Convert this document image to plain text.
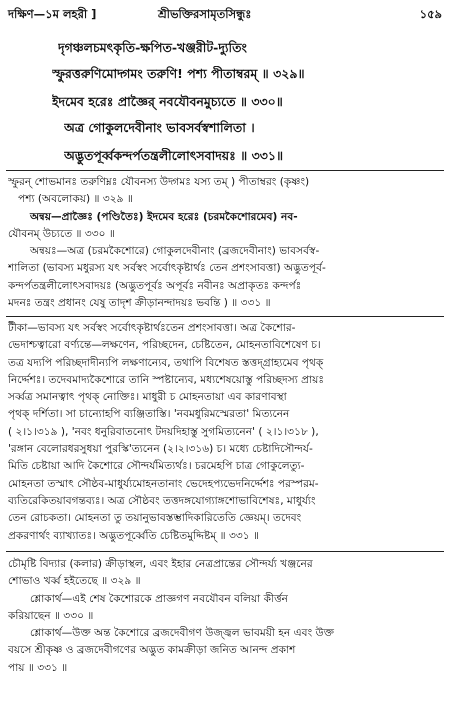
দক্ষিণ—১ম লহরী ]	শ্রীভক্তিরসামৃতসিন্ধুঃ	১৫৯
দৃগঞ্চলচমৎকৃতি-ক্ষপিত-খঞ্জরীট-দ্যুতিং
স্ফুরত্তরুণিমোদ্গমং তরুণি! পশ্য পীতাম্বরম্ ॥ ৩২৯॥
ইদমেব হরেঃ প্রাজ্ঞৈর্ নবযৌবনমুচ্যতে ॥ ৩৩০॥
অত্র গোকুলদেবীনাং ভাবসর্বস্বশালিতা ।
অদ্ভুতপূর্ব্বকন্দর্পতন্ত্রলীলোৎসবাদয়ঃ ॥ ৩৩১॥
স্ফুরন্ শোভমানঃ তরুণিম্নঃ যৌবনস্য উদ্গমঃ যস্য তম্ ) পীতাম্বরং (কৃষ্ণং)
পশ্য (অবলোকয়) ॥ ৩২৯ ॥
অন্বয়—প্রাজ্ঞৈঃ (পণ্ডিতৈঃ) ইদমেব হরেঃ (চরমকৈশোরমেব) নব-
যৌবনম্ উচ্যতে ॥ ৩৩০ ॥
অন্বয়ঃ—অত্র (চরমকৈশোরে) গোকুলদেবীনাং (ব্রজদেবীনাং) ভাবসর্বস্ব-
শালিতা (ভাবস্য মধুরস্য যৎ সর্বস্বং সর্বোৎকৃষ্টার্থঃ তেন প্রশংসাবত্তা) অদ্ভুতপূর্ব-
কন্দর্পতন্ত্রলীলোৎসবাদয়ঃ (অদ্ভুতপূর্বঃ অপূর্বঃ নবীনঃ অপ্রাকৃতঃ কন্দর্পঃ
মদনঃ তন্ত্রং প্রধানং যেষু তাদৃশ ক্রীড়ানন্দাদয়ঃ ভবন্তি ) ॥ ৩৩১ ॥
টীকা—ভাবস্য যৎ সর্বস্বং সর্বোৎকৃষ্টার্থঃতেন প্রশংসাবত্তা। অত্র কৈশোর-
ভেদাশ্চত্বারো বর্ণ্যন্তে—লক্ষণেন, পরিচ্ছদেন, চেষ্টিতেন, মোহনতাবিশেষেণ চ।
তত্র যদ্যপি পরিচ্ছদাদীন্যপি লক্ষণান্যেব, তথাপি বিশেষত স্তত্তদ্গ্রাহ্যমেব পৃথক্
নির্দ্দেশঃ। তদেবমাদ্যকৈশোরে তানি স্পষ্টান্যেব, মধ্যশেষয়োস্তু পরিচ্ছদস্য প্রায়ঃ
সর্ব্বত্র সমানত্বাৎ পৃথক্ নোক্তিঃ। মাধুরী চ মোহনতায়া এব কারণাবস্থা
পৃথক্ দর্শিতা। সা চান্যোহপি ব্যঞ্জিতাস্তি। 'নবমধুরিমস্মেরতা' মিত্যনেন
( ২।১।৩১৯ ), 'নবং ধনুরিবাতনোৎ টদয়দিহাস্তু সুগমিত্যনেন' ( ২।১।৩১৮ ),
'রঙ্গান বেলোরধরসুধয়া পুরস্কি'ত্যনেন (২।২।৩১৬) চ। মধ্যে চেষ্টাদিসৌন্দর্য-
মিতি চেষ্টায়া আদি কৈশোরে সৌন্দর্যমিত্যর্থঃ। চরমেহপি চাত্র গোকুলেত্যু-
মোহনতা তস্মাৎ সৌষ্ঠব-মাধুর্য্যমোহনতানাং ভেদেহপ্যভেদনির্দ্দেশঃ পরস্পরম-
ব্যতিরেকিতয়াবগন্তব্যঃ। অত্র সৌষ্ঠবং তত্তদঙ্গযোগ্যাঙ্গশোভাবিশেষঃ, মাধুর্য্যং
তেন রোচকতা। মোহনতা তু তয়ানুভাবস্তম্ভাদিকারিতেতি জ্ঞেয়ম্। তদেবং
প্রকরণার্থং ব্যাখ্যাতঃ। অদ্ভুতপূর্ব্বেতি চেষ্টিতমুদ্দিষ্টম্ ॥ ৩৩১ ॥
চৌমৃষ্টি বিদ্যার (কলার) ক্রীড়াস্থল, এবং ইহার নেত্রপ্রান্তের সৌন্দর্য্য খঞ্জনের
শোভাও খর্ব্ব হইতেছে ॥ ৩২৯ ॥
শ্লোকার্থ—এই শেষ কৈশোরকে প্রাজ্ঞগণ নবযৌবন বলিয়া কীর্ত্তন
করিয়াছেন ॥ ৩৩০ ॥
শ্লোকার্থ—উক্ত অন্ত কৈশোরে ব্রজদেবীগণ উজ্জ্বল ভাবময়ী হন এবং উক্ত
বয়সে শ্রীকৃষ্ণ ও ব্রজদেবীগণের অদ্ভুত কামক্রীড়া জনিত আনন্দ প্রকাশ
পায় ॥ ৩৩১ ॥
